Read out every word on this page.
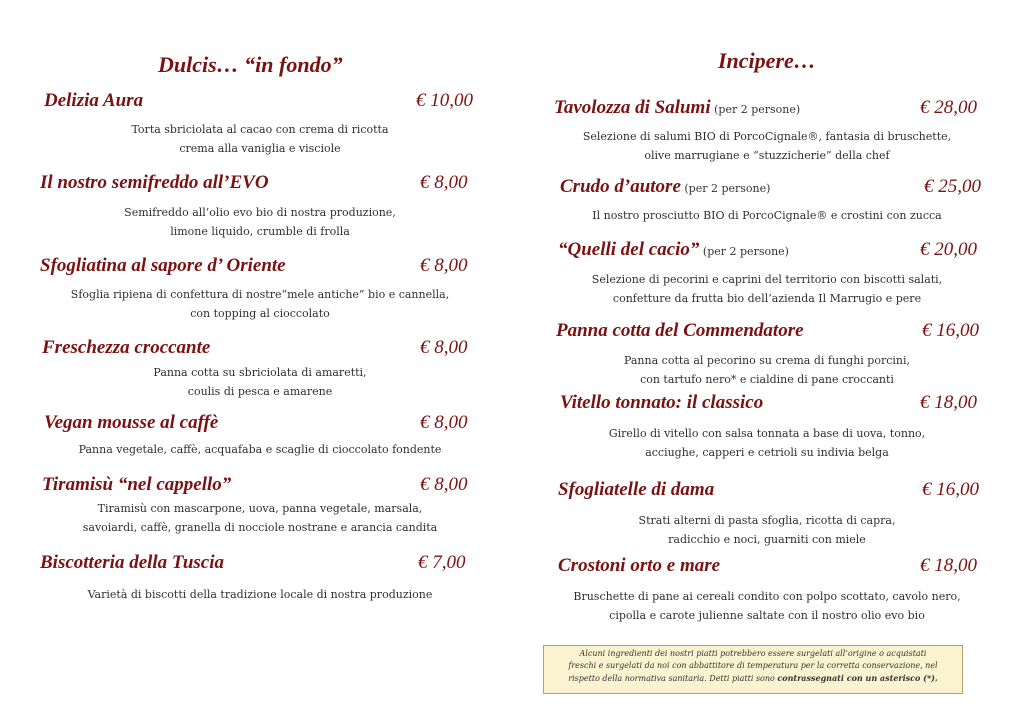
Dulcis… “in fondo”
Delizia Aura	€ 10,00
Torta sbriciolata al cacao con crema di ricotta
crema alla vaniglia e visciole
Il nostro semifreddo all’EVO	€ 8,00
Semifreddo all’olio evo bio di nostra produzione,
limone liquido, crumble di frolla
Sfogliatina al sapore d’ Oriente	€ 8,00
Sfoglia ripiena di confettura di nostre“mele antiche” bio e cannella,
con topping al cioccolato
Freschezza croccante	€ 8,00
Panna cotta su sbriciolata di amaretti,
coulis di pesca e amarene
Vegan mousse al caffè	€ 8,00
Panna vegetale, caffè, acquafaba e scaglie di cioccolato fondente
Tiramisù “nel cappello”	€ 8,00
Tiramisù con mascarpone, uova, panna vegetale, marsala,
savoiardi, caffè, granella di nocciole nostrane e arancia candita
Biscotteria della Tuscia	€ 7,00
Varietà di biscotti della tradizione locale di nostra produzione
Incipere…
Tavolozza di Salumi (per 2 persone)	€ 28,00
Selezione di salumi BIO di PorcoCignale®, fantasia di bruschette,
olive marrugiane e “stuzzicherie” della chef
Crudo d’autore (per 2 persone)	€ 25,00
Il nostro prosciutto BIO di PorcoCignale® e crostini con zucca
“Quelli del cacio” (per 2 persone)	€ 20,00
Selezione di pecorini e caprini del territorio con biscotti salati,
confetture da frutta bio dell’azienda Il Marrugio e pere
Panna cotta del Commendatore	€ 16,00
Panna cotta al pecorino su crema di funghi porcini,
con tartufo nero* e cialdine di pane croccanti
Vitello tonnato: il classico	€ 18,00
Girello di vitello con salsa tonnata a base di uova, tonno,
acciughe, capperi e cetrioli su indivia belga
Sfogliatelle di dama	€ 16,00
Strati alterni di pasta sfoglia, ricotta di capra,
radicchio e noci, guarniti con miele
Crostoni orto e mare	€ 18,00
Bruschette di pane ai cereali condito con polpo scottato, cavolo nero,
cipolla e carote julienne saltate con il nostro olio evo bio
Alcuni ingredienti dei nostri piatti potrebbero essere surgelati all’origine o acquistati
freschi e surgelati da noi con abbattitore di temperatura per la corretta conservazione, nel
rispetto della normativa sanitaria. Detti piatti sono contrassegnati con un asterisco (*).
